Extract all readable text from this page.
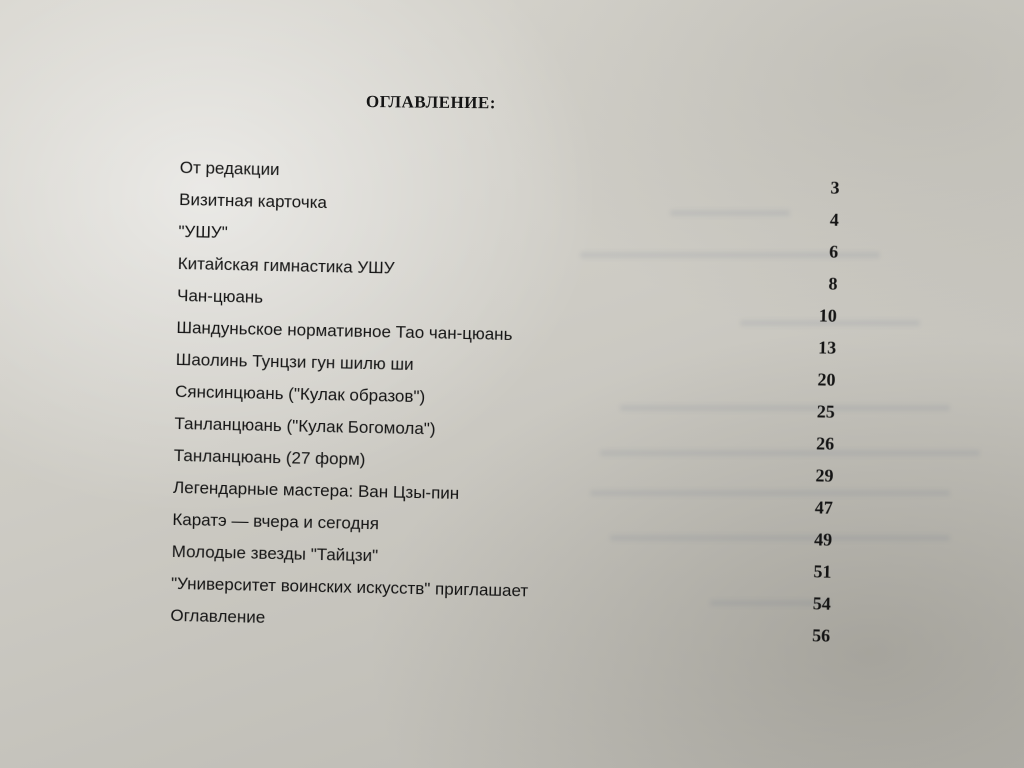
ОГЛАВЛЕНИЕ:
От редакции
3
Визитная карточка
4
"УШУ"
6
Китайская гимнастика УШУ
8
Чан-цюань
10
Шандуньское нормативное Тао чан-цюань
13
Шаолинь Тунцзи гун шилю ши
20
Сянсинцюань ("Кулак образов")
25
Танланцюань ("Кулак Богомола")
26
Танланцюань (27 форм)
29
Легендарные мастера: Ван Цзы-пин
47
Каратэ — вчера и сегодня
49
Молодые звезды "Тайцзи"
51
"Университет воинских искусств" приглашает
54
Оглавление
56
